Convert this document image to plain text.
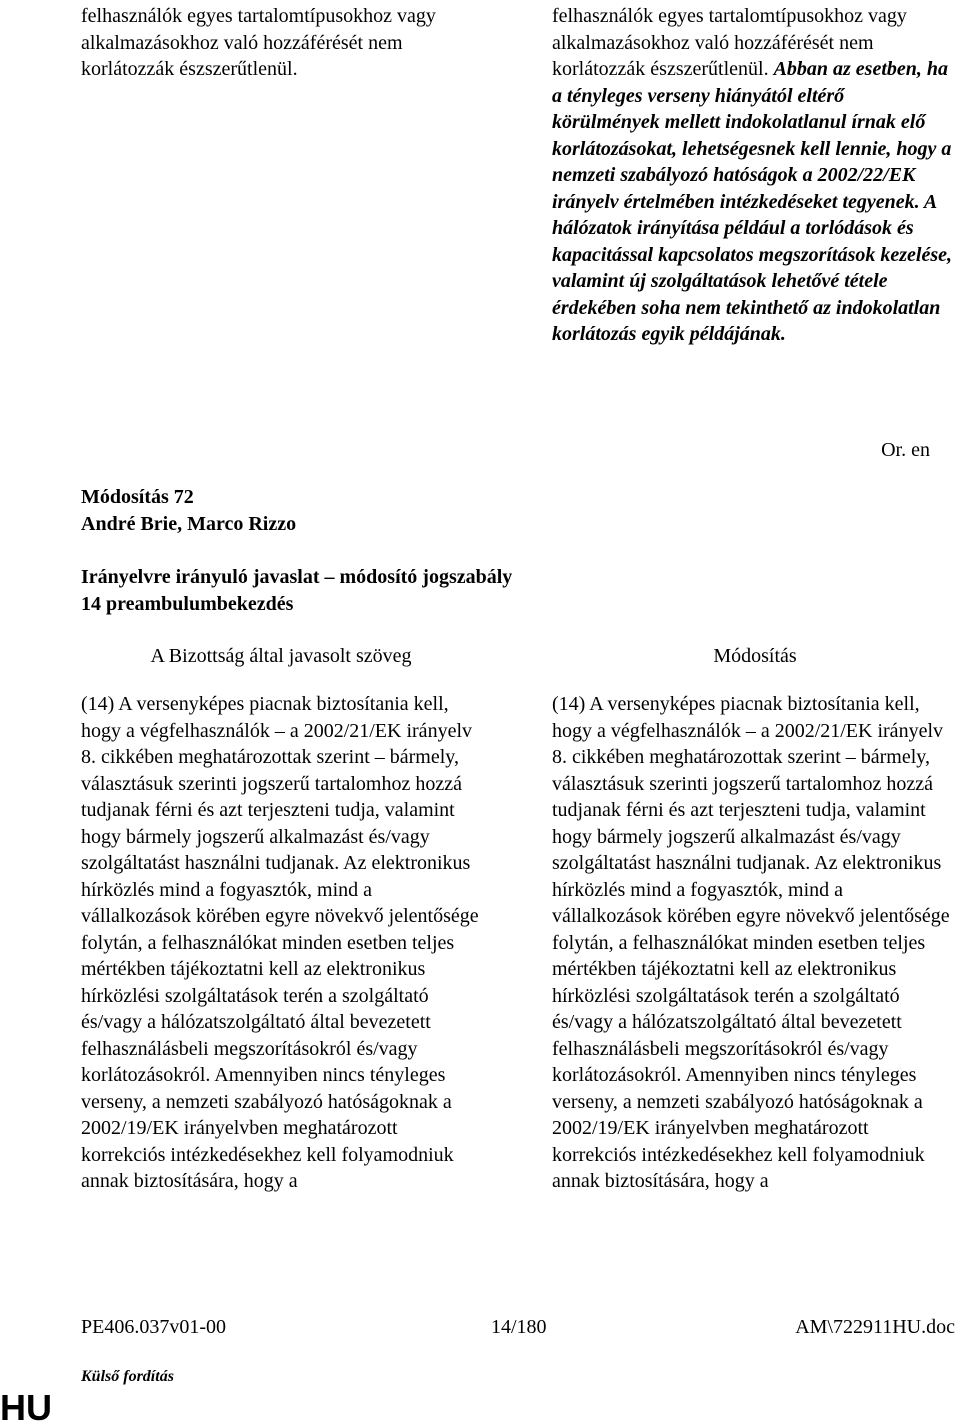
felhasználók egyes tartalomtípusokhoz vagy alkalmazásokhoz való hozzáférését nem korlátozzák észszerűtlenül.

felhasználók egyes tartalomtípusokhoz vagy alkalmazásokhoz való hozzáférését nem korlátozzák észszerűtlenül. Abban az esetben, ha a tényleges verseny hiányától eltérő körülmények mellett indokolatlanul írnak elő korlátozásokat, lehetségesnek kell lennie, hogy a nemzeti szabályozó hatóságok a 2002/22/EK irányelv értelmében intézkedéseket tegyenek. A hálózatok irányítása például a torlódások és kapacitással kapcsolatos megszorítások kezelése, valamint új szolgáltatások lehetővé tétele érdekében soha nem tekinthető az indokolatlan korlátozás egyik példájának.

Or. en
Módosítás 72
André Brie, Marco Rizzo
Irányelvre irányuló javaslat – módosító jogszabály
14 preambulumbekezdés
A Bizottság által javasolt szöveg	Módosítás

(14) A versenyképes piacnak biztosítania kell, hogy a végfelhasználók – a 2002/21/EK irányelv 8. cikkében meghatározottak szerint – bármely, választásuk szerinti jogszerű tartalomhoz hozzá tudjanak férni és azt terjeszteni tudja, valamint hogy bármely jogszerű alkalmazást és/vagy szolgáltatást használni tudjanak. Az elektronikus hírközlés mind a fogyasztók, mind a vállalkozások körében egyre növekvő jelentősége folytán, a felhasználókat minden esetben teljes mértékben tájékoztatni kell az elektronikus hírközlési szolgáltatások terén a szolgáltató és/vagy a hálózatszolgáltató által bevezetett felhasználásbeli megszorításokról és/vagy korlátozásokról. Amennyiben nincs tényleges verseny, a nemzeti szabályozó hatóságoknak a 2002/19/EK irányelvben meghatározott korrekciós intézkedésekhez kell folyamodniuk annak biztosítására, hogy a

(14) A versenyképes piacnak biztosítania kell, hogy a végfelhasználók – a 2002/21/EK irányelv 8. cikkében meghatározottak szerint – bármely, választásuk szerinti jogszerű tartalomhoz hozzá tudjanak férni és azt terjeszteni tudja, valamint hogy bármely jogszerű alkalmazást és/vagy szolgáltatást használni tudjanak. Az elektronikus hírközlés mind a fogyasztók, mind a vállalkozások körében egyre növekvő jelentősége folytán, a felhasználókat minden esetben teljes mértékben tájékoztatni kell az elektronikus hírközlési szolgáltatások terén a szolgáltató és/vagy a hálózatszolgáltató által bevezetett felhasználásbeli megszorításokról és/vagy korlátozásokról. Amennyiben nincs tényleges verseny, a nemzeti szabályozó hatóságoknak a 2002/19/EK irányelvben meghatározott korrekciós intézkedésekhez kell folyamodniuk annak biztosítására, hogy a

PE406.037v01-00	14/180	AM\722911HU.doc
HU
Külső fordítás
